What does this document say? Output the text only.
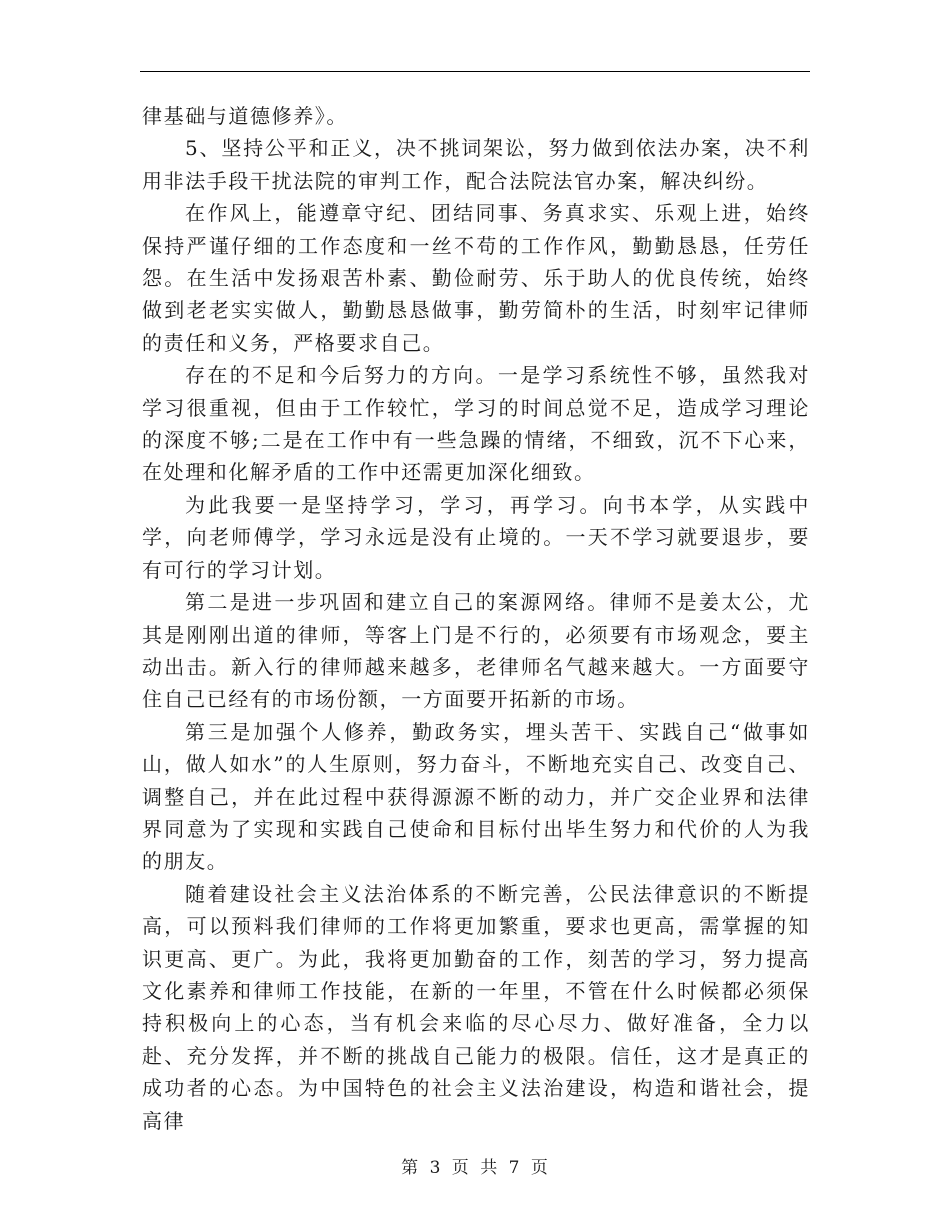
律基础与道德修养》。

5、坚持公平和正义，决不挑词架讼，努力做到依法办案，决不利用非法手段干扰法院的审判工作，配合法院法官办案，解决纠纷。

在作风上，能遵章守纪、团结同事、务真求实、乐观上进，始终保持严谨仔细的工作态度和一丝不苟的工作作风，勤勤恳恳，任劳任怨。在生活中发扬艰苦朴素、勤俭耐劳、乐于助人的优良传统，始终做到老老实实做人，勤勤恳恳做事，勤劳简朴的生活，时刻牢记律师的责任和义务，严格要求自己。

存在的不足和今后努力的方向。一是学习系统性不够，虽然我对学习很重视，但由于工作较忙，学习的时间总觉不足，造成学习理论的深度不够;二是在工作中有一些急躁的情绪，不细致，沉不下心来，在处理和化解矛盾的工作中还需更加深化细致。

为此我要一是坚持学习，学习，再学习。向书本学，从实践中学，向老师傅学，学习永远是没有止境的。一天不学习就要退步，要有可行的学习计划。

第二是进一步巩固和建立自己的案源网络。律师不是姜太公，尤其是刚刚出道的律师，等客上门是不行的，必须要有市场观念，要主动出击。新入行的律师越来越多，老律师名气越来越大。一方面要守住自己已经有的市场份额，一方面要开拓新的市场。

第三是加强个人修养，勤政务实，埋头苦干、实践自己“做事如山，做人如水”的人生原则，努力奋斗，不断地充实自己、改变自己、调整自己，并在此过程中获得源源不断的动力，并广交企业界和法律界同意为了实现和实践自己使命和目标付出毕生努力和代价的人为我的朋友。

随着建设社会主义法治体系的不断完善，公民法律意识的不断提高，可以预料我们律师的工作将更加繁重，要求也更高，需掌握的知识更高、更广。为此，我将更加勤奋的工作，刻苦的学习，努力提高文化素养和律师工作技能，在新的一年里，不管在什么时候都必须保持积极向上的心态，当有机会来临的尽心尽力、做好准备，全力以赴、充分发挥，并不断的挑战自己能力的极限。信任，这才是真正的成功者的心态。为中国特色的社会主义法治建设，构造和谐社会，提高律

第 3 页 共 7 页
